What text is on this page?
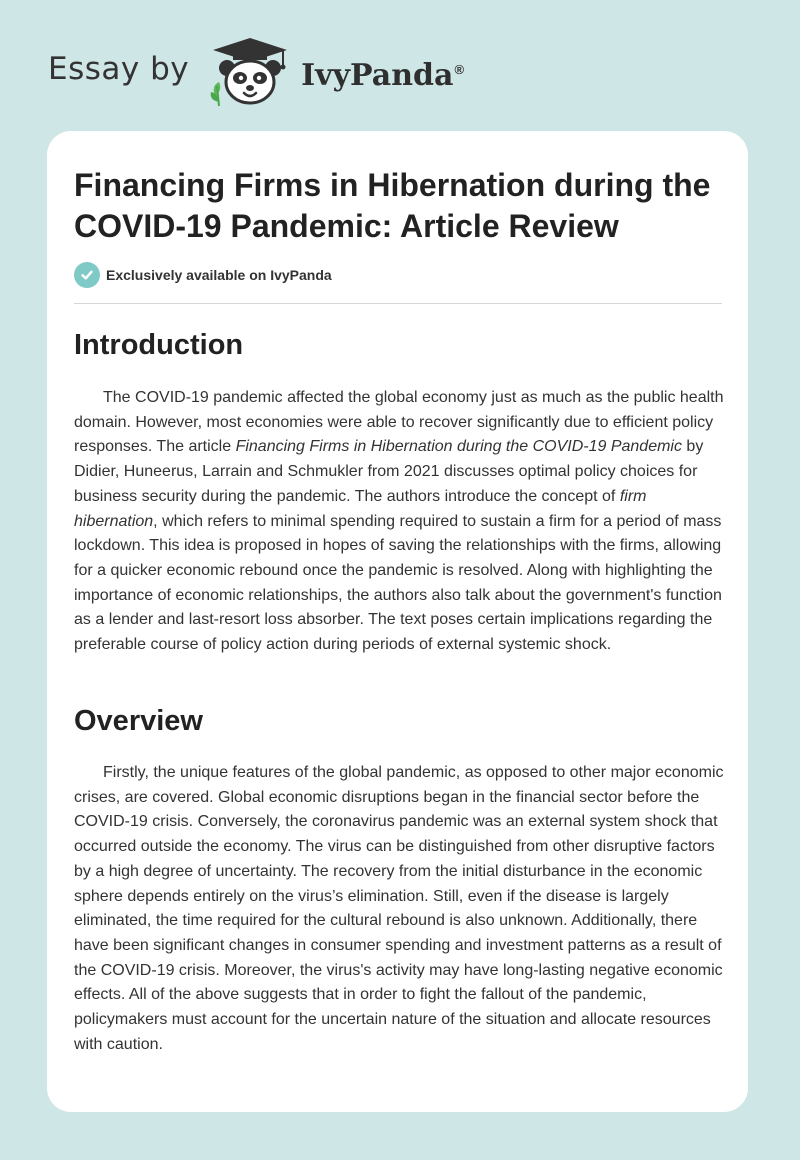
Essay by	IvyPanda®
Financing Firms in Hibernation during the COVID-19 Pandemic: Article Review
Exclusively available on IvyPanda
Introduction

The COVID-19 pandemic affected the global economy just as much as the public health domain. However, most economies were able to recover significantly due to efficient policy responses. The article Financing Firms in Hibernation during the COVID-19 Pandemic by Didier, Huneerus, Larrain and Schmukler from 2021 discusses optimal policy choices for business security during the pandemic. The authors introduce the concept of firm hibernation, which refers to minimal spending required to sustain a firm for a period of mass lockdown. This idea is proposed in hopes of saving the relationships with the firms, allowing for a quicker economic rebound once the pandemic is resolved. Along with highlighting the importance of economic relationships, the authors also talk about the government's function as a lender and last-resort loss absorber. The text poses certain implications regarding the preferable course of policy action during periods of external systemic shock.

Overview

Firstly, the unique features of the global pandemic, as opposed to other major economic crises, are covered. Global economic disruptions began in the financial sector before the COVID-19 crisis. Conversely, the coronavirus pandemic was an external system shock that occurred outside the economy. The virus can be distinguished from other disruptive factors by a high degree of uncertainty. The recovery from the initial disturbance in the economic sphere depends entirely on the virus’s elimination. Still, even if the disease is largely eliminated, the time required for the cultural rebound is also unknown. Additionally, there have been significant changes in consumer spending and investment patterns as a result of the COVID-19 crisis. Moreover, the virus's activity may have long-lasting negative economic effects. All of the above suggests that in order to fight the fallout of the pandemic, policymakers must account for the uncertain nature of the situation and allocate resources with caution.
